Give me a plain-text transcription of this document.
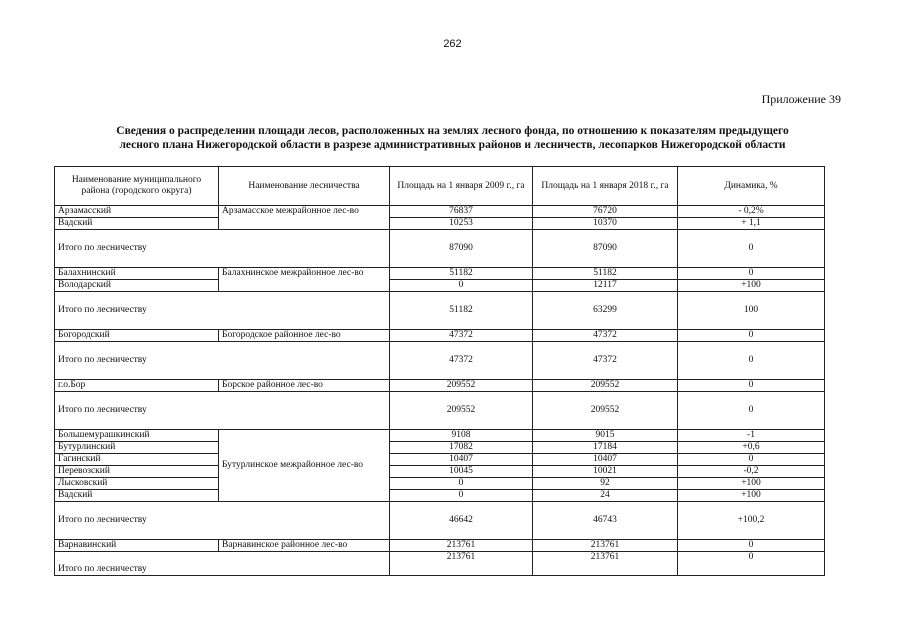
262
Приложение 39
Сведения о распределении площади лесов, расположенных на землях лесного фонда, по отношению к показателям предыдущего
лесного плана Нижегородской области в разрезе административных районов и лесничеств, лесопарков Нижегородской области
Наименование муниципального района (городского округа)	Наименование лесничества	Площадь на 1 января 2009 г., га	Площадь на 1 января 2018 г., га	Динамика, %
Арзамасский	Арзамасское межрайонное лес-во	76837	76720	- 0,2%
Вадский		10253	10370	+ 1,1
Итого по лесничеству		87090	87090	0
Балахнинский	Балахнинское межрайонное лес-во	51182	51182	0
Володарский		0	12117	+100
Итого по лесничеству		51182	63299	100
Богородский	Богородское районное лес-во	47372	47372	0
Итого по лесничеству		47372	47372	0
г.о.Бор	Борское районное лес-во	209552	209552	0
Итого по лесничеству		209552	209552	0
Большемурашкинский	Бутурлинское межрайонное лес-во	9108	9015	-1
Бутурлинский		17082	17184	+0,6
Гагинский		10407	10407	0
Перевозский		10045	10021	-0,2
Лысковский		0	92	+100
Вадский		0	24	+100
Итого по лесничеству		46642	46743	+100,2
Варнавинский	Варнавинское районное лес-во	213761	213761	0
Итого по лесничеству		213761	213761	0
